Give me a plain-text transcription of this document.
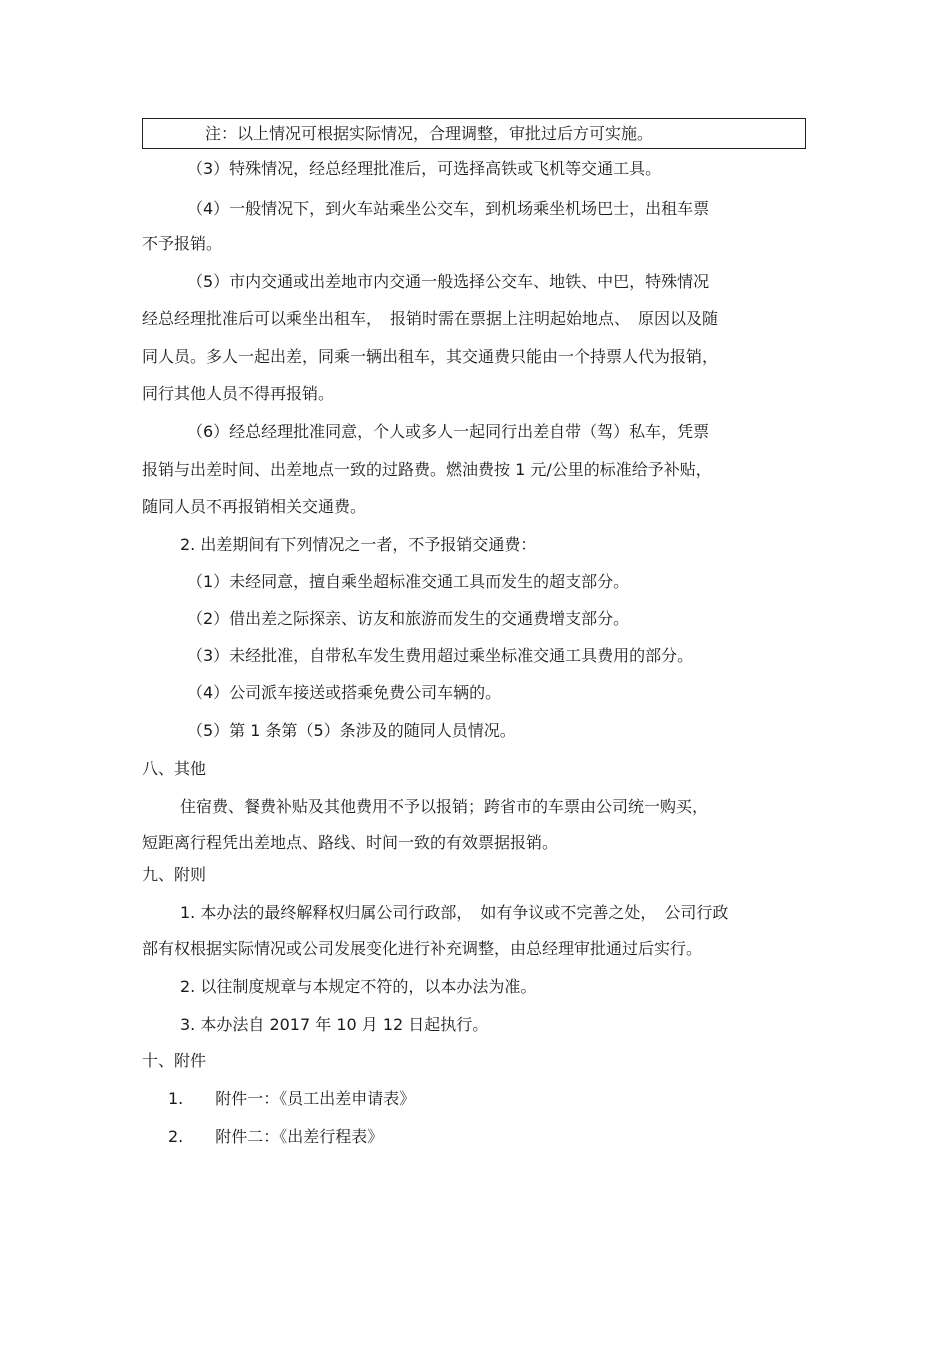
注：以上情况可根据实际情况，合理调整，审批过后方可实施。
（3）特殊情况，经总经理批准后，可选择高铁或飞机等交通工具。
（4）一般情况下，到火车站乘坐公交车，到机场乘坐机场巴士，出租车票
不予报销。
（5）市内交通或出差地市内交通一般选择公交车、地铁、中巴，特殊情况
经总经理批准后可以乘坐出租车，　报销时需在票据上注明起始地点、　原因以及随
同人员。多人一起出差，同乘一辆出租车，其交通费只能由一个持票人代为报销，
同行其他人员不得再报销。
（6）经总经理批准同意，个人或多人一起同行出差自带（驾）私车，凭票
报销与出差时间、出差地点一致的过路费。燃油费按 1 元/公里的标准给予补贴，
随同人员不再报销相关交通费。
2. 出差期间有下列情况之一者，不予报销交通费：
（1）未经同意，擅自乘坐超标准交通工具而发生的超支部分。
（2）借出差之际探亲、访友和旅游而发生的交通费增支部分。
（3）未经批准，自带私车发生费用超过乘坐标准交通工具费用的部分。
（4）公司派车接送或搭乘免费公司车辆的。
（5）第 1 条第（5）条涉及的随同人员情况。
八、其他
住宿费、餐费补贴及其他费用不予以报销；跨省市的车票由公司统一购买，
短距离行程凭出差地点、路线、时间一致的有效票据报销。
九、附则
1. 本办法的最终解释权归属公司行政部，　如有争议或不完善之处，　公司行政
部有权根据实际情况或公司发展变化进行补充调整，由总经理审批通过后实行。
2. 以往制度规章与本规定不符的，以本办法为准。
3. 本办法自 2017 年 10 月 12 日起执行。
十、附件
1.　　附件一：《员工出差申请表》
2.　　附件二：《出差行程表》
